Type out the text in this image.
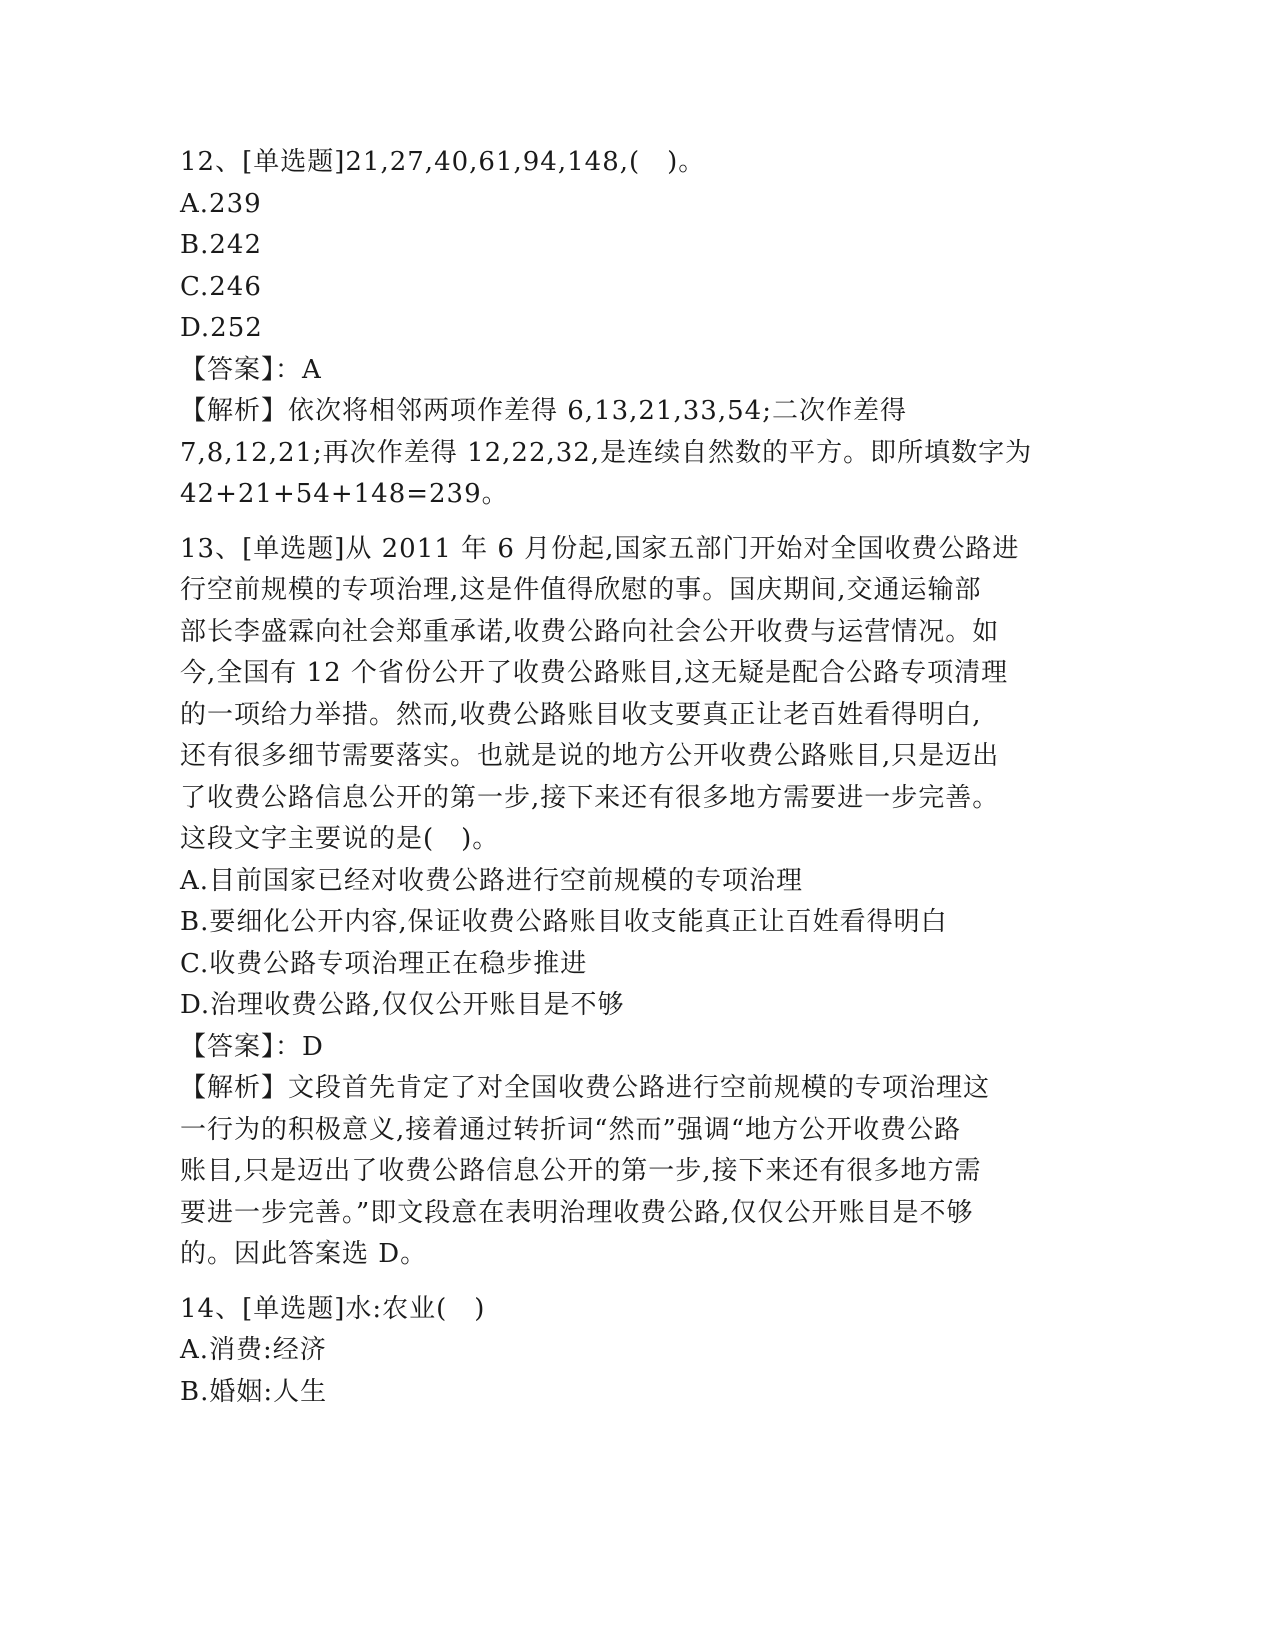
12、[单选题]21,27,40,61,94,148,(　)。
A.239
B.242
C.246
D.252
【答案】：A
【解析】依次将相邻两项作差得 6,13,21,33,54;二次作差得
7,8,12,21;再次作差得 12,22,32,是连续自然数的平方。即所填数字为
42+21+54+148=239。
13、[单选题]从 2011 年 6 月份起,国家五部门开始对全国收费公路进
行空前规模的专项治理,这是件值得欣慰的事。国庆期间,交通运输部
部长李盛霖向社会郑重承诺,收费公路向社会公开收费与运营情况。如
今,全国有 12 个省份公开了收费公路账目,这无疑是配合公路专项清理
的一项给力举措。然而,收费公路账目收支要真正让老百姓看得明白,
还有很多细节需要落实。也就是说的地方公开收费公路账目,只是迈出
了收费公路信息公开的第一步,接下来还有很多地方需要进一步完善。
这段文字主要说的是(　)。
A.目前国家已经对收费公路进行空前规模的专项治理
B.要细化公开内容,保证收费公路账目收支能真正让百姓看得明白
C.收费公路专项治理正在稳步推进
D.治理收费公路,仅仅公开账目是不够
【答案】：D
【解析】文段首先肯定了对全国收费公路进行空前规模的专项治理这
一行为的积极意义,接着通过转折词“然而”强调“地方公开收费公路
账目,只是迈出了收费公路信息公开的第一步,接下来还有很多地方需
要进一步完善。”即文段意在表明治理收费公路,仅仅公开账目是不够
的。因此答案选 D。
14、[单选题]水:农业(　)
A.消费:经济
B.婚姻:人生
